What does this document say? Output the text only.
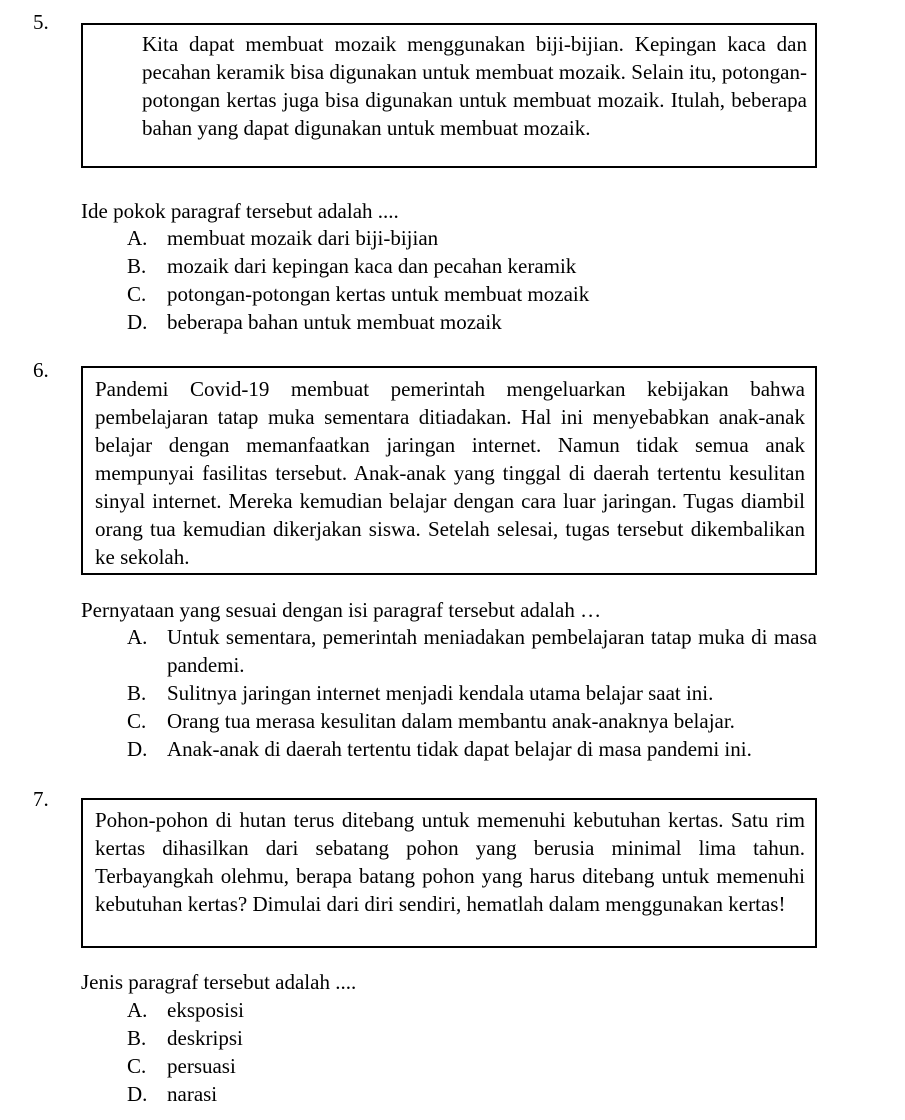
5.

Kita dapat membuat mozaik menggunakan biji-bijian. Kepingan kaca dan pecahan keramik bisa digunakan untuk membuat mozaik. Selain itu, potongan-potongan kertas juga bisa digunakan untuk membuat mozaik. Itulah, beberapa bahan yang dapat digunakan untuk membuat mozaik.

Ide pokok paragraf tersebut adalah ....
A. membuat mozaik dari biji-bijian
B. mozaik dari kepingan kaca dan pecahan keramik
C. potongan-potongan kertas untuk membuat mozaik
D. beberapa bahan untuk membuat mozaik
6.

Pandemi Covid-19 membuat pemerintah mengeluarkan kebijakan bahwa pembelajaran tatap muka sementara ditiadakan. Hal ini menyebabkan anak-anak belajar dengan memanfaatkan jaringan internet. Namun tidak semua anak mempunyai fasilitas tersebut. Anak-anak yang tinggal di daerah tertentu kesulitan sinyal internet. Mereka kemudian belajar dengan cara luar jaringan. Tugas diambil orang tua kemudian dikerjakan siswa. Setelah selesai, tugas tersebut dikembalikan ke sekolah.

Pernyataan yang sesuai dengan isi paragraf tersebut adalah …
A. Untuk sementara, pemerintah meniadakan pembelajaran tatap muka di masa pandemi.
B. Sulitnya jaringan internet menjadi kendala utama belajar saat ini.
C. Orang tua merasa kesulitan dalam membantu anak-anaknya belajar.
D. Anak-anak di daerah tertentu tidak dapat belajar di masa pandemi ini.
7.

Pohon-pohon di hutan terus ditebang untuk memenuhi kebutuhan kertas. Satu rim kertas dihasilkan dari sebatang pohon yang berusia minimal lima tahun. Terbayangkah olehmu, berapa batang pohon yang harus ditebang untuk memenuhi kebutuhan kertas? Dimulai dari diri sendiri, hematlah dalam menggunakan kertas!

Jenis paragraf tersebut adalah ....
A. eksposisi
B. deskripsi
C. persuasi
D. narasi
